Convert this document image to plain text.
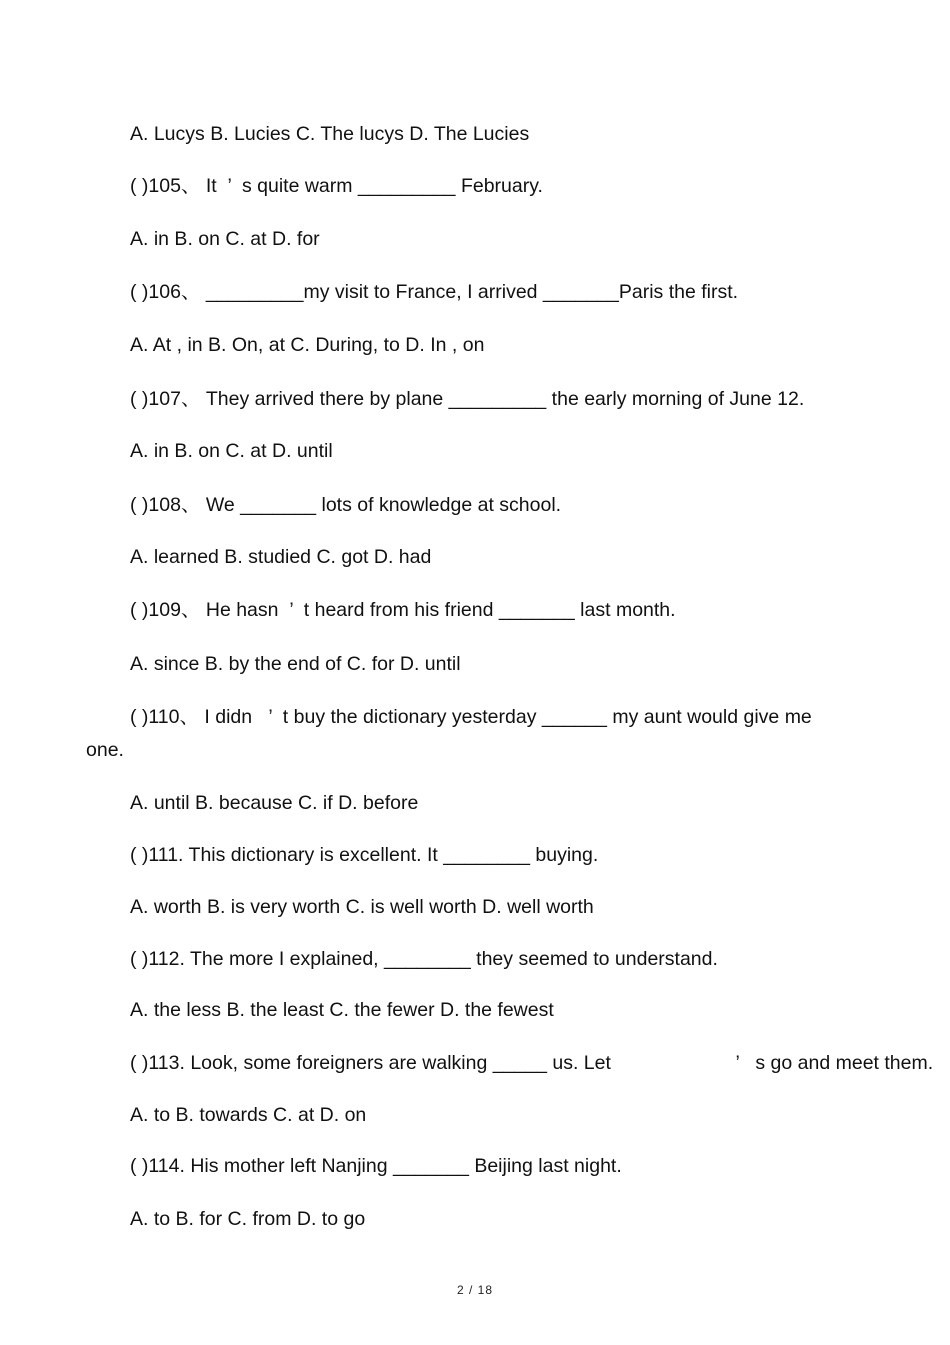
A. Lucys B. Lucies C. The lucys D. The Lucies
( )105、 It  ’  s quite warm _________ February.
A. in B. on C. at D. for
( )106、 _________my visit to France, I arrived _______Paris the first.
A. At , in B. On, at C. During, to D. In , on
( )107、 They arrived there by plane _________ the early morning of June 12.
A. in B. on C. at D. until
( )108、 We _______ lots of knowledge at school.
A. learned B. studied C. got D. had
( )109、 He hasn  ’  t heard from his friend _______ last month.
A. since B. by the end of C. for D. until
( )110、 I didn   ’  t buy the dictionary yesterday ______ my aunt would give me
one.
A. until B. because C. if D. before
( )111. This dictionary is excellent. It ________ buying.
A. worth B. is very worth C. is well worth D. well worth
( )112. The more I explained, ________ they seemed to understand.
A. the less B. the least C. the fewer D. the fewest
( )113. Look, some foreigners are walking _____ us. Let                       ’   s go and meet them.
A. to B. towards C. at D. on
( )114. His mother left Nanjing _______ Beijing last night.
A. to B. for C. from D. to go
2 / 18
